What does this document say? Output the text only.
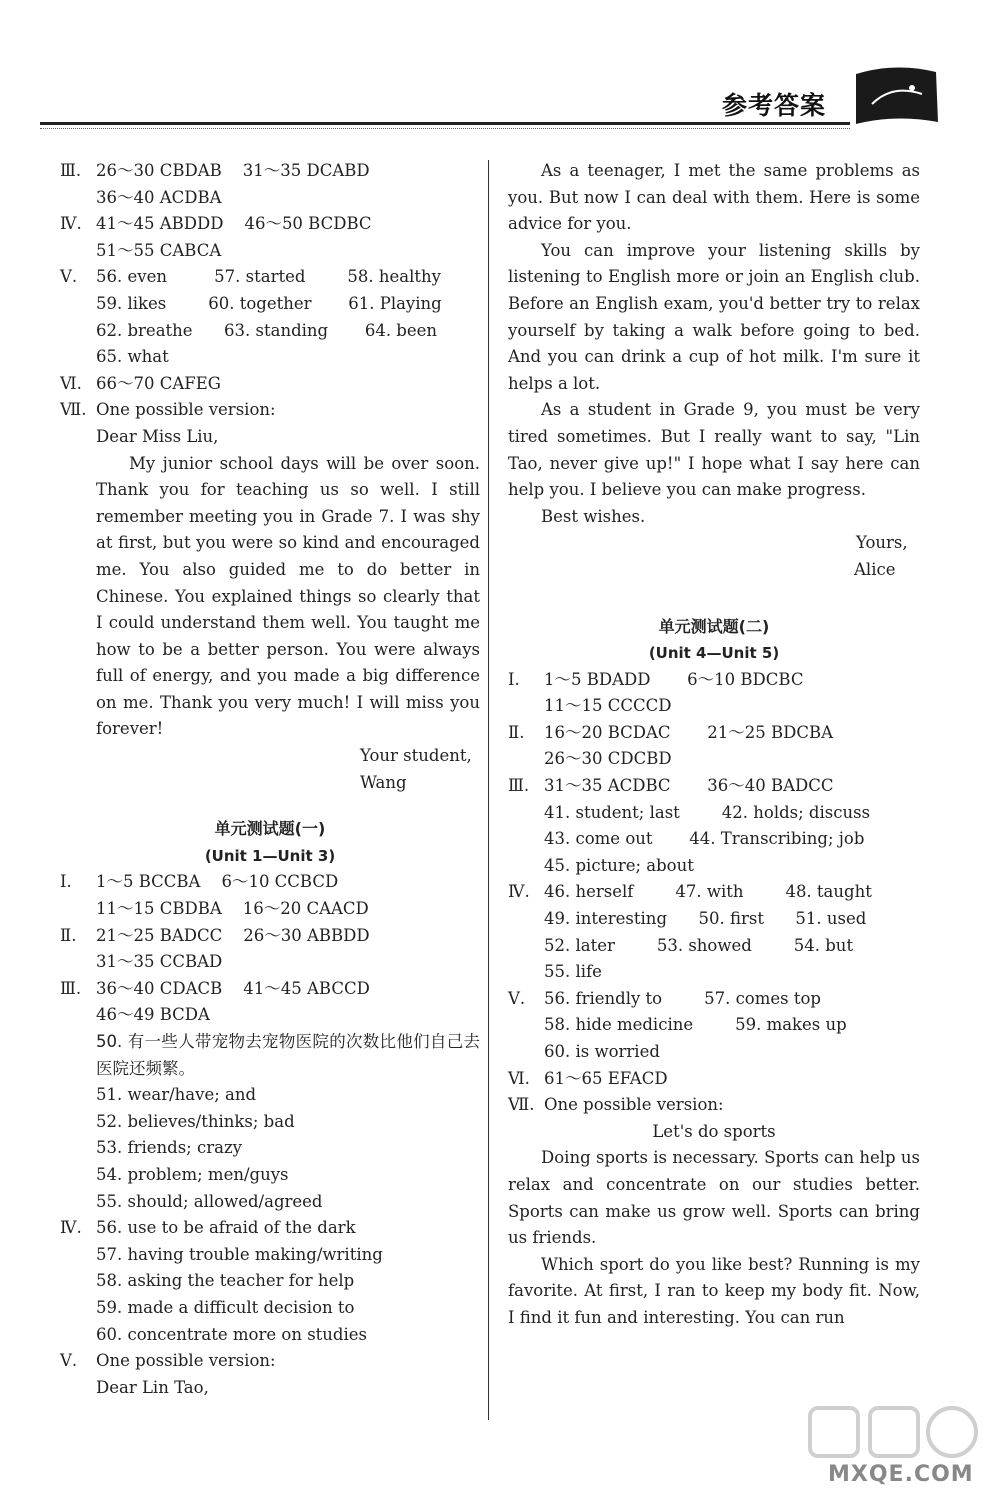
参考答案
Ⅲ. 26～30 CBDAB    31～35 DCABD
36～40 ACDBA
Ⅳ. 41～45 ABDDD    46～50 BCDBC
51～55 CABCA
Ⅴ.	56. even         57. started        58. healthy
59. likes        60. together       61. Playing
62. breathe      63. standing       64. been
65. what
Ⅵ. 66～70 CAFEG
Ⅶ. One possible version:
Dear Miss Liu,
My junior school days will be over soon. Thank you for teaching us so well. I still remember meeting you in Grade 7. I was shy at first, but you were so kind and encouraged me. You also guided me to do better in Chinese. You explained things so clearly that I could understand them well. You taught me how to be a better person. You were always full of energy, and you made a big difference on me. Thank you very much! I will miss you forever!
Your student,
Wang
单元测试题(一)
(Unit 1—Unit 3)
Ⅰ.	1～5 BCCBA    6～10 CCBCD
11～15 CBDBA    16～20 CAACD
Ⅱ.	21～25 BADCC    26～30 ABBDD
31～35 CCBAD
Ⅲ. 36～40 CDACB    41～45 ABCCD
46～49 BCDA
50. 有一些人带宠物去宠物医院的次数比他们自己去医院还频繁。
51. wear/have; and
52. believes/thinks; bad
53. friends; crazy
54. problem; men/guys
55. should; allowed/agreed
Ⅳ. 56. use to be afraid of the dark
57. having trouble making/writing
58. asking the teacher for help
59. made a difficult decision to
60. concentrate more on studies
Ⅴ.	One possible version:
Dear Lin Tao,
As a teenager, I met the same problems as you. But now I can deal with them. Here is some advice for you.
You can improve your listening skills by listening to English more or join an English club. Before an English exam, you'd better try to relax yourself by taking a walk before going to bed. And you can drink a cup of hot milk. I'm sure it helps a lot.
As a student in Grade 9, you must be very tired sometimes. But I really want to say, "Lin Tao, never give up!" I hope what I say here can help you. I believe you can make progress.
Best wishes.
Yours,
Alice
单元测试题(二)
(Unit 4—Unit 5)
Ⅰ.	1～5 BDADD       6～10 BDCBC
11～15 CCCCD
Ⅱ.	16～20 BCDAC       21～25 BDCBA
26～30 CDCBD
Ⅲ. 31～35 ACDBC       36～40 BADCC
41. student; last        42. holds; discuss
43. come out       44. Transcribing; job
45. picture; about
Ⅳ. 46. herself        47. with        48. taught
49. interesting      50. first      51. used
52. later        53. showed        54. but
55. life
Ⅴ.	56. friendly to        57. comes top
58. hide medicine        59. makes up
60. is worried
Ⅵ. 61～65 EFACD
Ⅶ. One possible version:
Let's do sports
Doing sports is necessary. Sports can help us relax and concentrate on our studies better. Sports can make us grow well. Sports can bring us friends.
Which sport do you like best? Running is my favorite. At first, I ran to keep my body fit. Now, I find it fun and interesting. You can run
MXQE.COM
